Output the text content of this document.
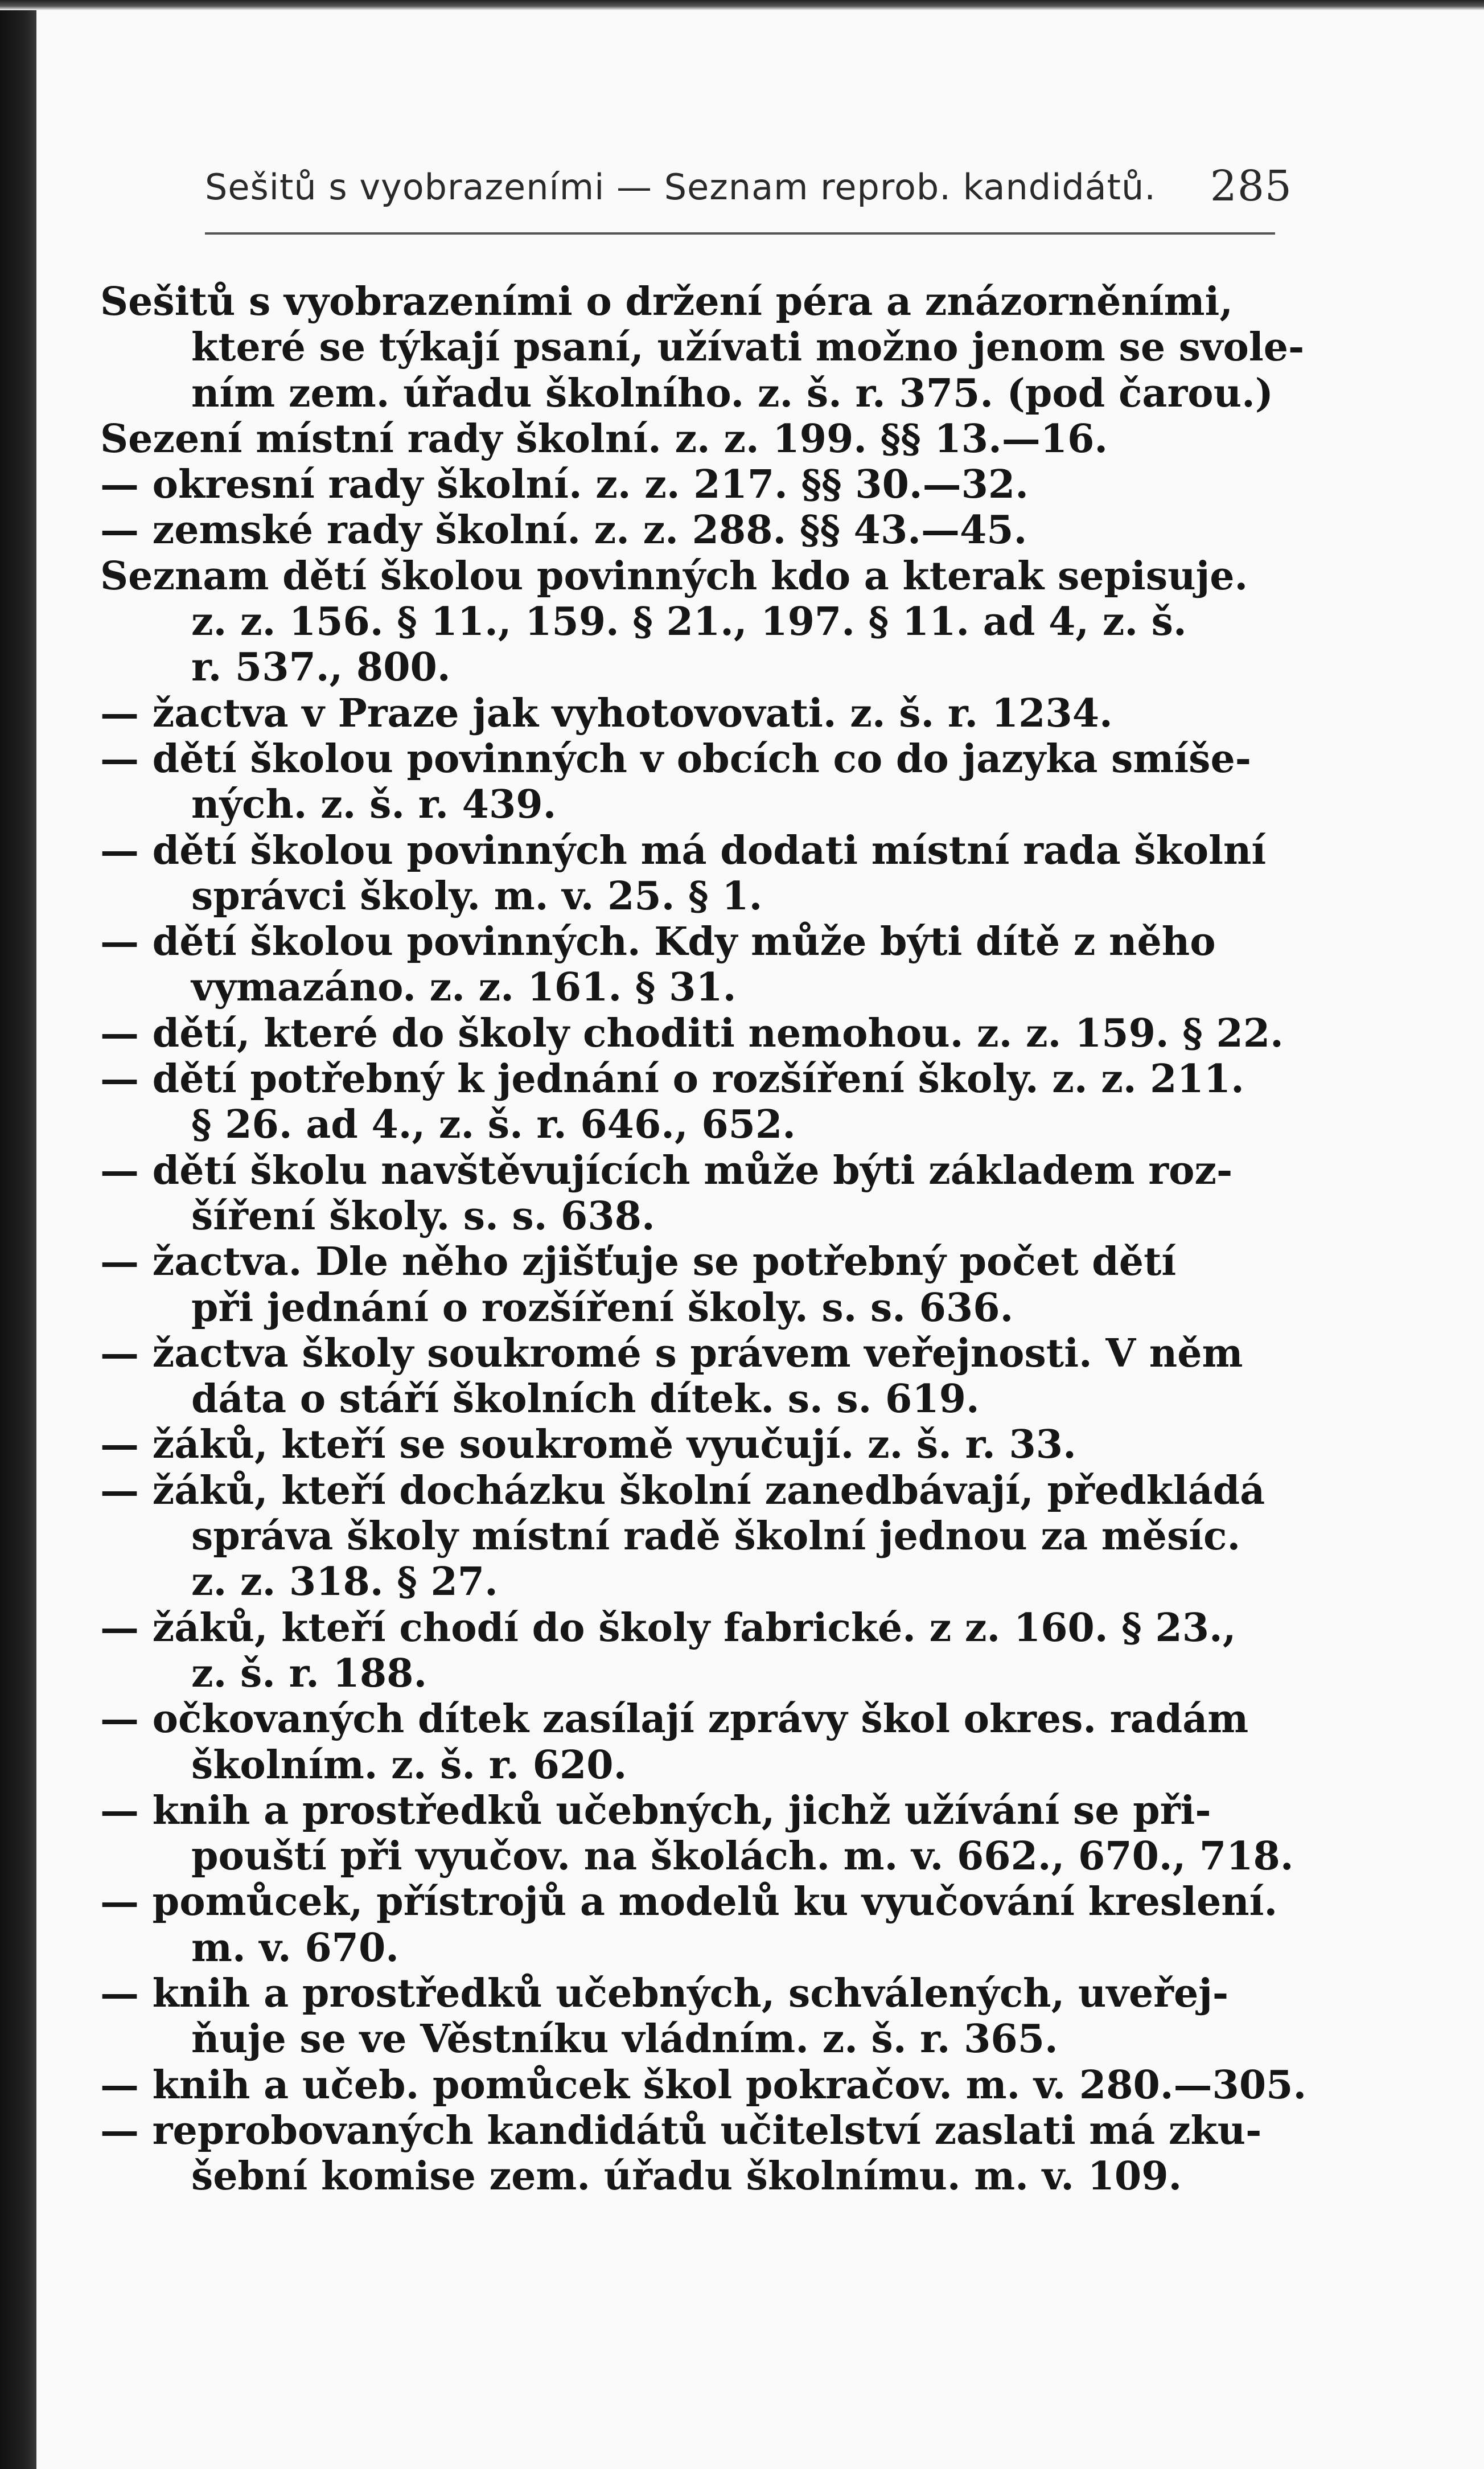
Sešitů s vyobrazeními — Seznam reprob. kandidátů. 285
Sešitů s vyobrazeními o držení péra a znázorněními,
které se týkají psaní, užívati možno jenom se svole-
ním zem. úřadu školního. z. š. r. 375. (pod čarou.)
Sezení místní rady školní. z. z. 199. §§ 13.—16.
— okresní rady školní. z. z. 217. §§ 30.—32.
— zemské rady školní. z. z. 288. §§ 43.—45.
Seznam dětí školou povinných kdo a kterak sepisuje.
z. z. 156. § 11., 159. § 21., 197. § 11. ad 4, z. š.
r. 537., 800.
— žactva v Praze jak vyhotovovati. z. š. r. 1234.
— dětí školou povinných v obcích co do jazyka smíše-
ných. z. š. r. 439.
— dětí školou povinných má dodati místní rada školní
správci školy. m. v. 25. § 1.
— dětí školou povinných. Kdy může býti dítě z něho
vymazáno. z. z. 161. § 31.
— dětí, které do školy choditi nemohou. z. z. 159. § 22.
— dětí potřebný k jednání o rozšíření školy. z. z. 211.
§ 26. ad 4., z. š. r. 646., 652.
— dětí školu navštěvujících může býti základem roz-
šíření školy. s. s. 638.
— žactva. Dle něho zjišťuje se potřebný počet dětí
při jednání o rozšíření školy. s. s. 636.
— žactva školy soukromé s právem veřejnosti. V něm
dáta o stáří školních dítek. s. s. 619.
— žáků, kteří se soukromě vyučují. z. š. r. 33.
— žáků, kteří docházku školní zanedbávají, předkládá
správa školy místní radě školní jednou za měsíc.
z. z. 318. § 27.
— žáků, kteří chodí do školy fabrické. z z. 160. § 23.,
z. š. r. 188.
— očkovaných dítek zasílají zprávy škol okres. radám
školním. z. š. r. 620.
— knih a prostředků učebných, jichž užívání se při-
pouští při vyučov. na školách. m. v. 662., 670., 718.
— pomůcek, přístrojů a modelů ku vyučování kreslení.
m. v. 670.
— knih a prostředků učebných, schválených, uveřej-
ňuje se ve Věstníku vládním. z. š. r. 365.
— knih a učeb. pomůcek škol pokračov. m. v. 280.—305.
— reprobovaných kandidátů učitelství zaslati má zku-
šební komise zem. úřadu školnímu. m. v. 109.
